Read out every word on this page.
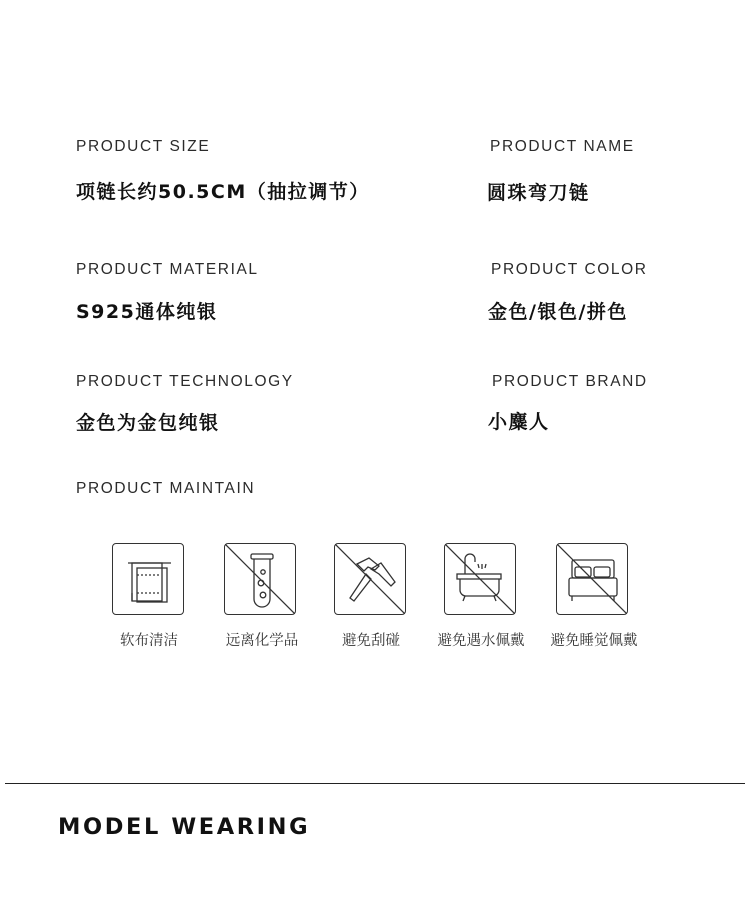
PRODUCT SIZE
项链长约50.5CM（抽拉调节）
PRODUCT NAME
圆珠弯刀链
PRODUCT MATERIAL
S925通体纯银
PRODUCT COLOR
金色/银色/拼色
PRODUCT TECHNOLOGY
金色为金包纯银
PRODUCT BRAND
小麋人
PRODUCT MAINTAIN
软布清洁	远离化学品	避免刮碰	避免遇水佩戴	避免睡觉佩戴
MODEL WEARING
